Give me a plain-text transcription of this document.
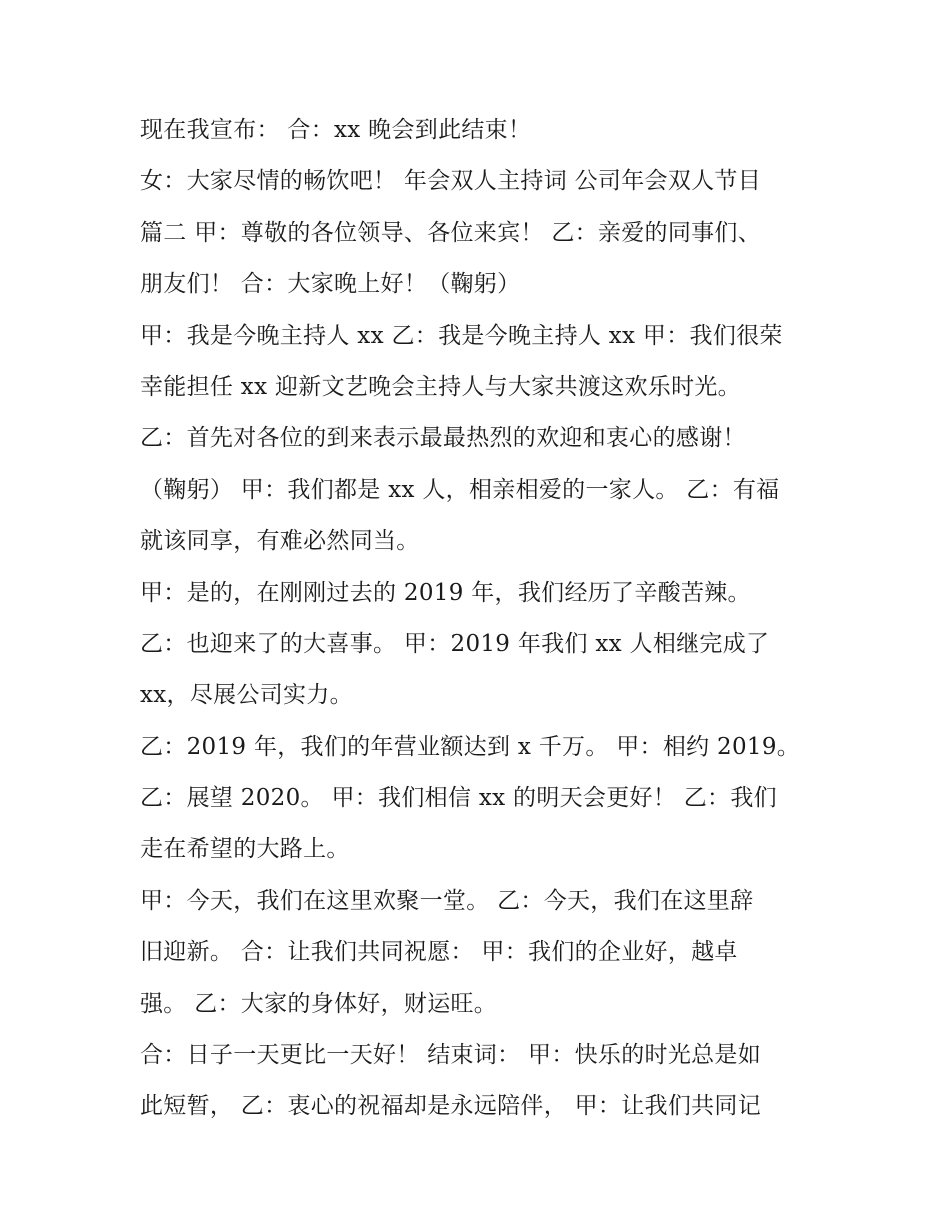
现在我宣布： 合：xx 晚会到此结束！
女：大家尽情的畅饮吧！ 年会双人主持词 公司年会双人节目
篇二 甲：尊敬的各位领导、各位来宾！ 乙：亲爱的同事们、
朋友们！ 合：大家晚上好！（鞠躬）
甲：我是今晚主持人 xx 乙：我是今晚主持人 xx 甲：我们很荣
幸能担任 xx 迎新文艺晚会主持人与大家共渡这欢乐时光。
乙：首先对各位的到来表示最最热烈的欢迎和衷心的感谢！
（鞠躬） 甲：我们都是 xx 人，相亲相爱的一家人。 乙：有福
就该同享，有难必然同当。
甲：是的，在刚刚过去的 2019 年，我们经历了辛酸苦辣。
乙：也迎来了的大喜事。 甲：2019 年我们 xx 人相继完成了
xx，尽展公司实力。
乙：2019 年，我们的年营业额达到 x 千万。 甲：相约 2019。
乙：展望 2020。 甲：我们相信 xx 的明天会更好！ 乙：我们
走在希望的大路上。
甲：今天，我们在这里欢聚一堂。 乙：今天，我们在这里辞
旧迎新。 合：让我们共同祝愿： 甲：我们的企业好，越卓
强。 乙：大家的身体好，财运旺。
合：日子一天更比一天好！ 结束词： 甲：快乐的时光总是如
此短暂， 乙：衷心的祝福却是永远陪伴， 甲：让我们共同记
